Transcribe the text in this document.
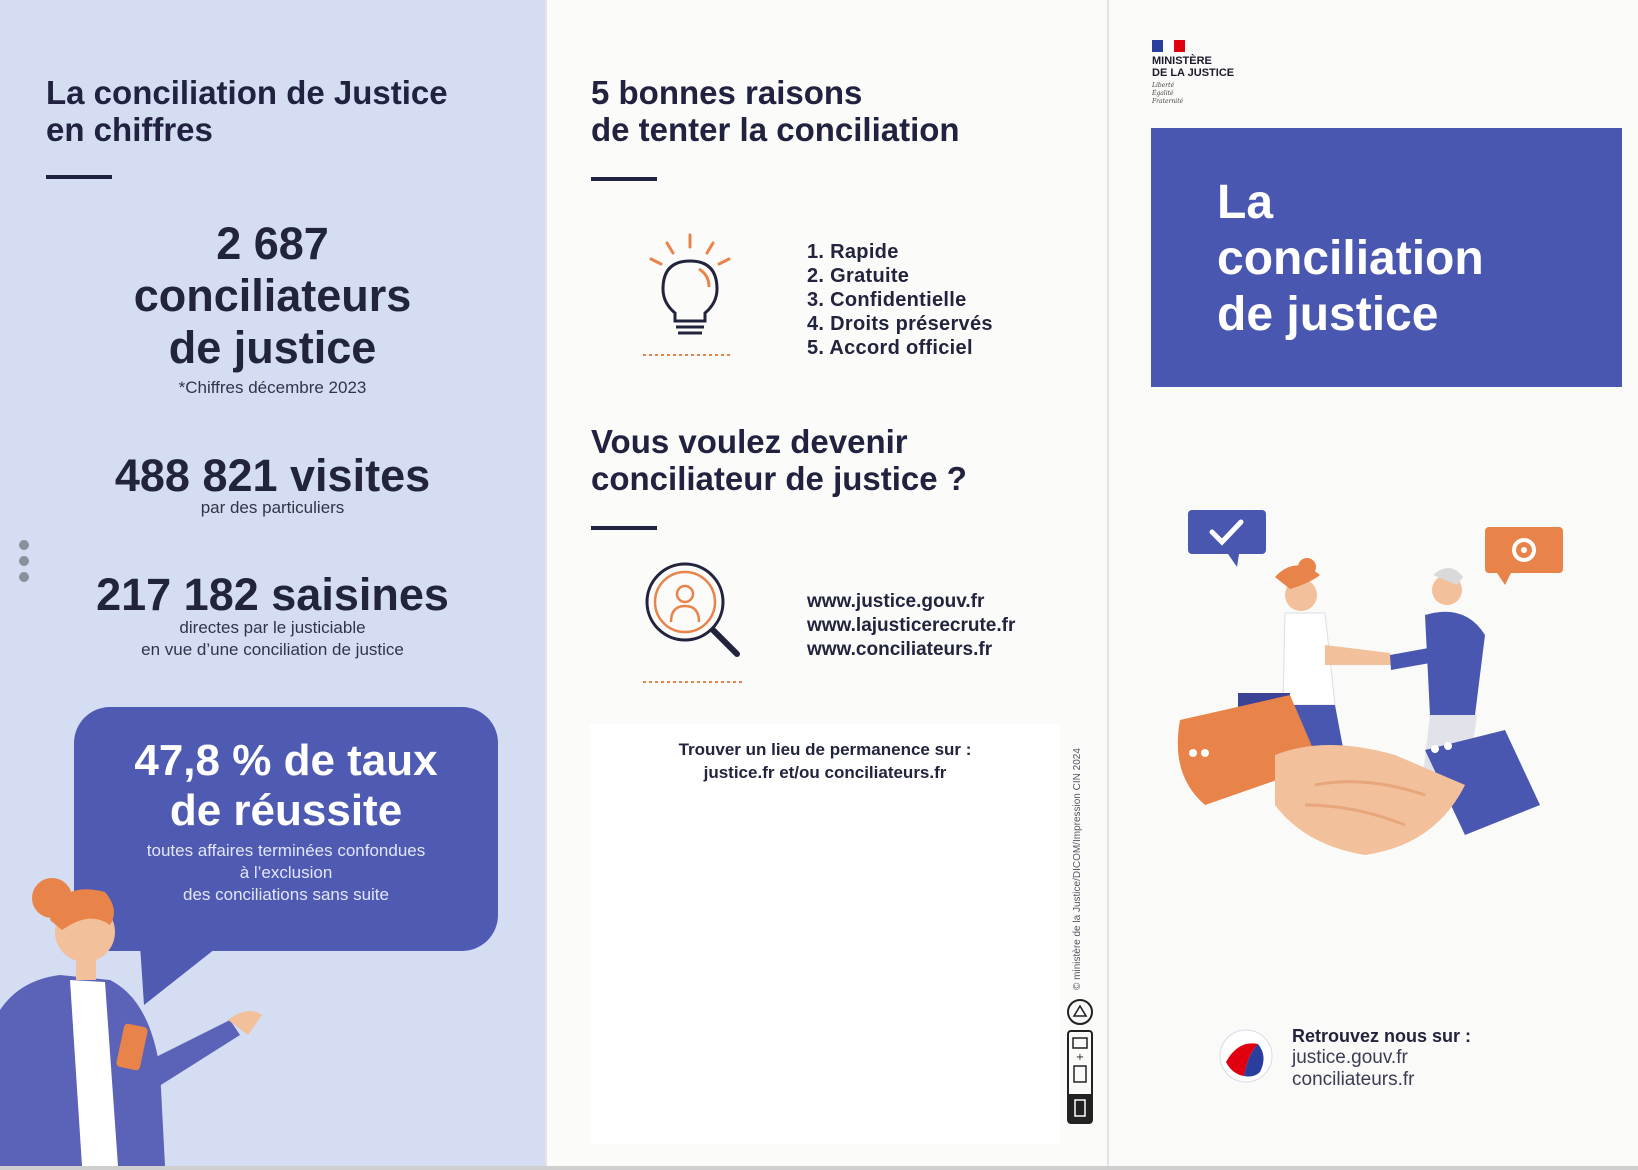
La conciliation de Justice
en chiffres
2 687
conciliateurs
de justice
*Chiffres décembre 2023
488 821 visites
par des particuliers
217 182 saisines
directes par le justiciable
en vue d’une conciliation de justice
47,8 % de taux
de réussite
toutes affaires terminées confondues
à l’exclusion
des conciliations sans suite
5 bonnes raisons
de tenter la conciliation
1. Rapide
2. Gratuite
3. Confidentielle
4. Droits préservés
5. Accord officiel
Vous voulez devenir
conciliateur de justice ?
www.justice.gouv.fr
www.lajusticerecrute.fr
www.conciliateurs.fr
Trouver un lieu de permanence sur :
justice.fr et/ou conciliateurs.fr	© ministère de la Justice/DICOM/Impression CIN 2024
+
MINISTÈRE
DE LA JUSTICE
Liberté
Égalité
Fraternité
La
conciliation
de justice
Retrouvez nous sur :
justice.gouv.fr
conciliateurs.fr
